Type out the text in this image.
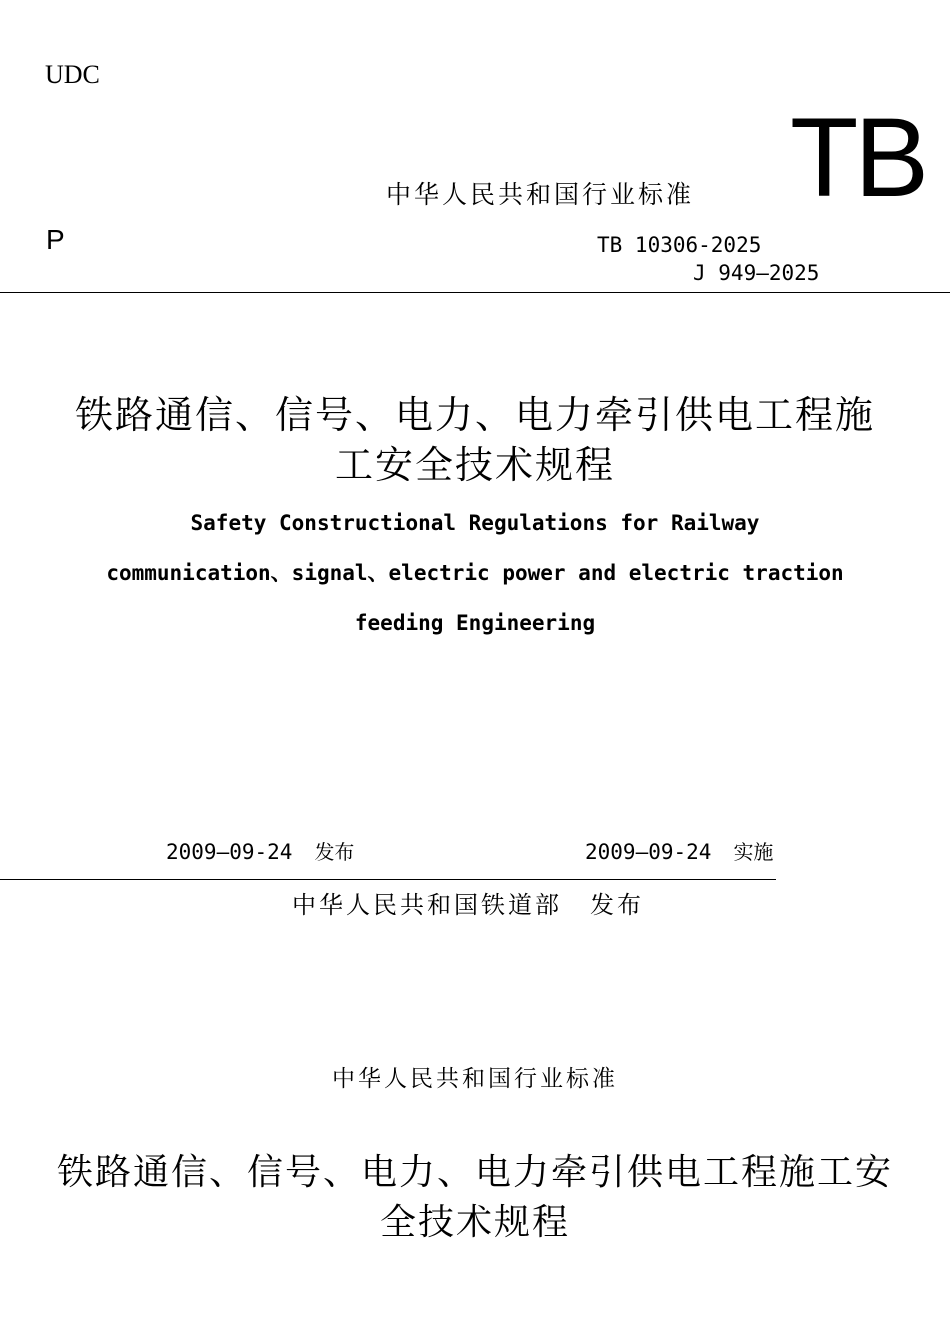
UDC
中华人民共和国行业标准 TB
P	TB 10306-2025
J 949—2025
铁路通信、信号、电力、电力牵引供电工程施
工安全技术规程
Safety Constructional Regulations for Railway
communication、signal、electric power and electric traction
feeding Engineering
2009—09-24 发布	2009—09-24 实施
中华人民共和国铁道部 发布
中华人民共和国行业标准
铁路通信、信号、电力、电力牵引供电工程施工安
全技术规程
